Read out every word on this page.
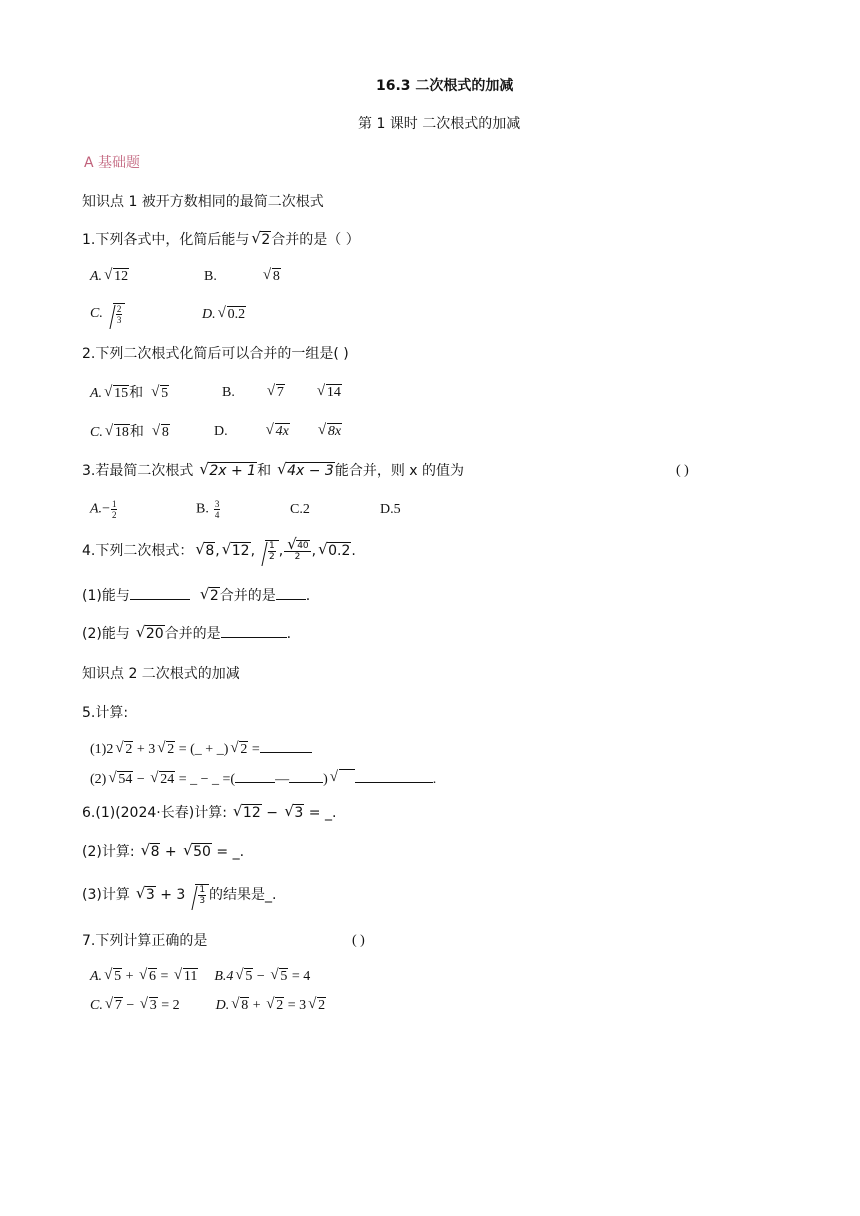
16.3 二次根式的加减
第 1 课时 二次根式的加减
A 基础题
知识点 1 被开方数相同的最简二次根式
1.下列各式中，化简后能与 √ 2合并的是（ ）
A. √ 12	B.	√ 8
C. $\frac{2}{3}$	D. √ 0.2
2.下列二次根式化简后可以合并的一组是( )
A. √ 15和 √ 5	B.	√ 7	√ 14
C. √ 18和 √ 8	D.	√ 4x	√ 8x
3.若最简二次根式 √ 2x + 1和 √ 4x − 3能合并，则 x 的值为	( )
$A.- \frac{1}{2}$	B. $\frac{3}{4}$	C.2	D.5
4.下列二次根式： √ 8, √ 12, $\frac{1}{2}$ , √ $\frac{40}{2}$ , √ 0.2.
(1)能与	√ 2合并的是 .
(2)能与 √ 20合并的是	.
知识点 2 二次根式的加减
5.计算:
(1)2 √ 2 + 3 √ 2 = (_ + _) √ 2 =
(2) √ 54 − √ 24 = _ − _ =(	— ) √	.
6.(1)(2024·长春)计算: √ 12 − √ 3 = _.
(2)计算: √ 8 + √ 50 = _.
(3)计算 √ $3 + 3 \frac{1}{3}$ 的结果是_.
7.下列计算正确的是	( )
A. √ 5 + √ 6 = √ 11 B.4 √ 5 − √ 5 = 4
C. √ 7 − √ 3 = 2	D. √ 8 + √ 2 = 3 √ 2
